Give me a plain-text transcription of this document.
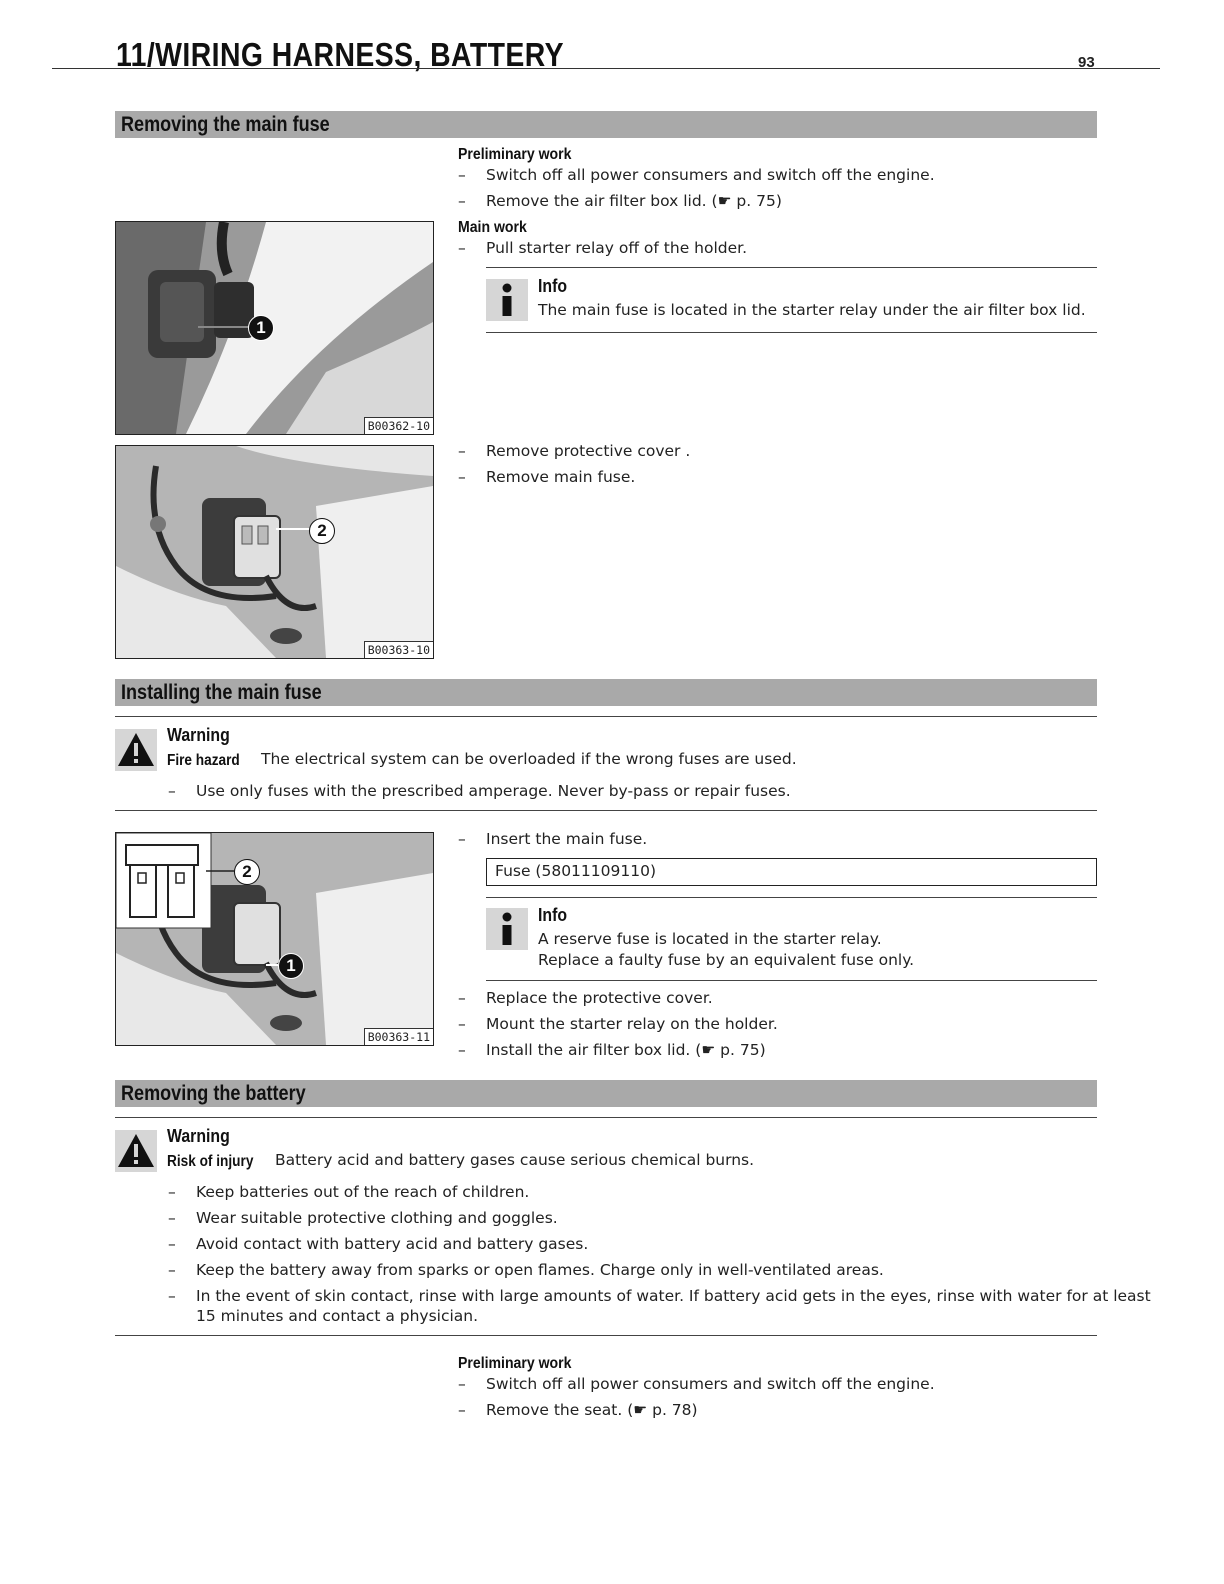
11/WIRING HARNESS, BATTERY	93
Removing the main fuse
Preliminary work
– Switch off all power consumers and switch off the engine.
– Remove the air filter box lid. (☛ p. 75)
Main work
– Pull starter relay off of the holder.
Info
The main fuse is located in the starter relay under the air filter box lid.
1
B00362-10
2
B00363-10
– Remove protective cover .
– Remove main fuse.
Installing the main fuse
Warning
Fire hazard	The electrical system can be overloaded if the wrong fuses are used.
– Use only fuses with the prescribed amperage. Never by-pass or repair fuses.
2
1
B00363-11
– Insert the main fuse.
Fuse (58011109110)
Info
A reserve fuse is located in the starter relay.
Replace a faulty fuse by an equivalent fuse only.
– Replace the protective cover.
– Mount the starter relay on the holder.
– Install the air filter box lid. (☛ p. 75)
Removing the battery
Warning
Risk of injury	Battery acid and battery gases cause serious chemical burns.
– Keep batteries out of the reach of children.
– Wear suitable protective clothing and goggles.
– Avoid contact with battery acid and battery gases.
– Keep the battery away from sparks or open flames. Charge only in well-ventilated areas.
– In the event of skin contact, rinse with large amounts of water. If battery acid gets in the eyes, rinse with water for at least
15 minutes and contact a physician.
Preliminary work
– Switch off all power consumers and switch off the engine.
– Remove the seat. (☛ p. 78)
